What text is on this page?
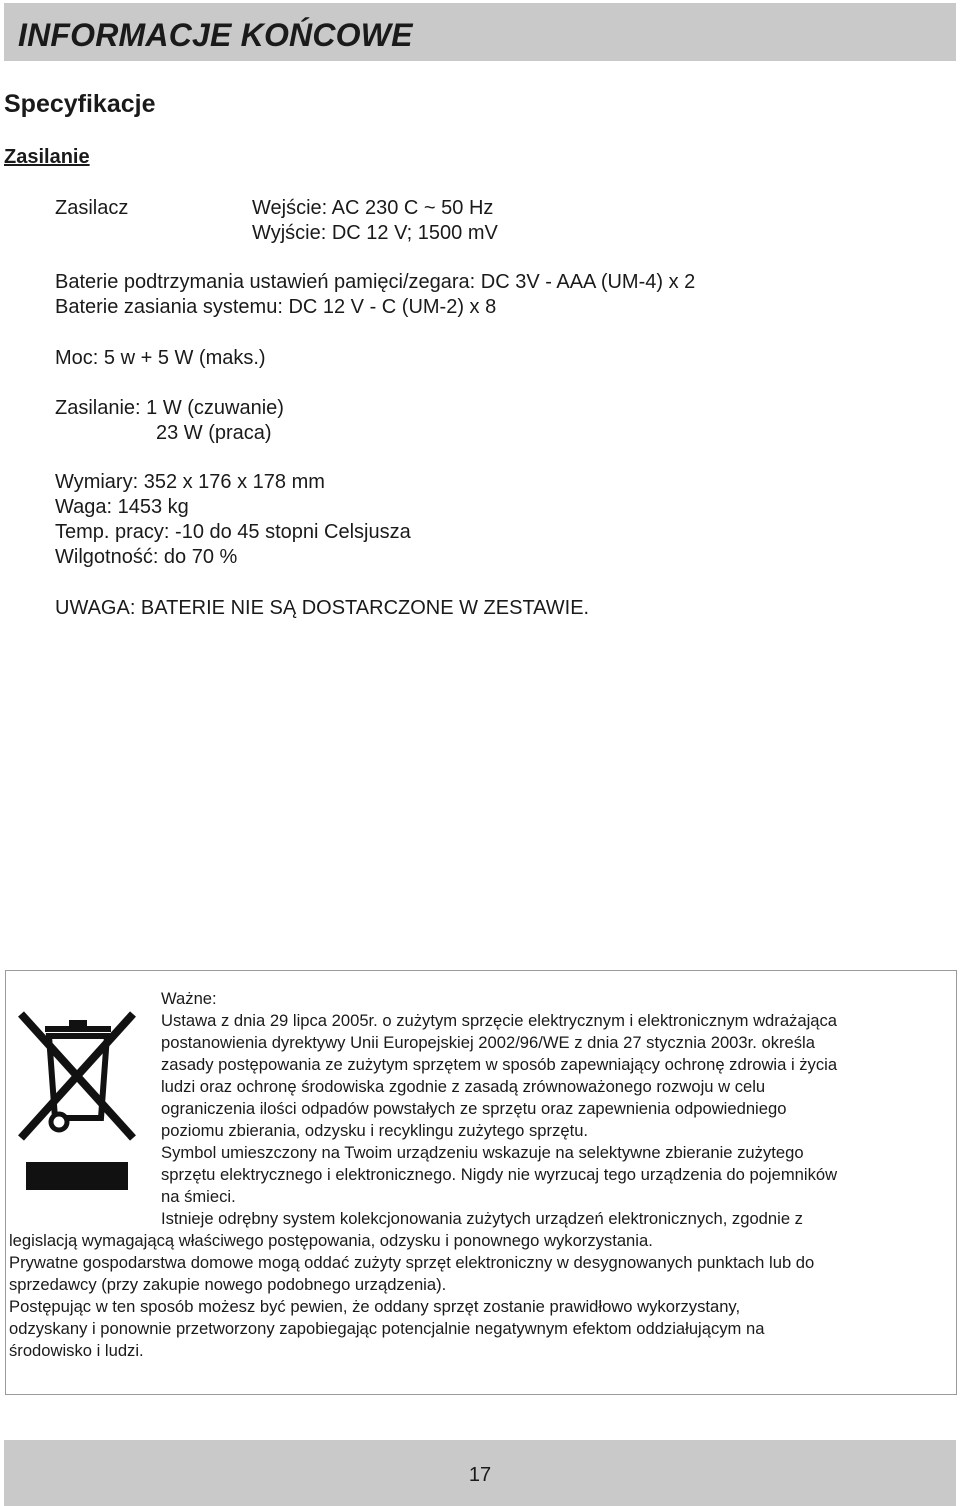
INFORMACJE KOŃCOWE
Specyfikacje
Zasilanie
Zasilacz	Wejście: AC 230 C ~ 50 Hz
Wyjście: DC 12 V; 1500 mV
Baterie podtrzymania ustawień pamięci/zegara: DC 3V - AAA (UM-4) x 2
Baterie zasiania systemu: DC 12 V - C (UM-2) x 8
Moc: 5 w + 5 W (maks.)
Zasilanie: 1 W (czuwanie)
23 W (praca)
Wymiary: 352 x 176 x 178 mm
Waga: 1453 kg
Temp. pracy: -10 do 45 stopni Celsjusza
Wilgotność: do 70 %
UWAGA: BATERIE NIE SĄ DOSTARCZONE W ZESTAWIE.
Ważne:
Ustawa z dnia 29 lipca 2005r. o zużytym sprzęcie elektrycznym i elektronicznym wdrażająca
postanowienia dyrektywy Unii Europejskiej 2002/96/WE z dnia 27 stycznia 2003r. określa
zasady postępowania ze zużytym sprzętem w sposób zapewniający ochronę zdrowia i życia
ludzi oraz ochronę środowiska zgodnie z zasadą zrównoważonego rozwoju w celu
ograniczenia ilości odpadów powstałych ze sprzętu oraz zapewnienia odpowiedniego
poziomu zbierania, odzysku i recyklingu zużytego sprzętu.
Symbol umieszczony na Twoim urządzeniu wskazuje na selektywne zbieranie zużytego
sprzętu elektrycznego i elektronicznego. Nigdy nie wyrzucaj tego urządzenia do pojemników
na śmieci.
Istnieje odrębny system kolekcjonowania zużytych urządzeń elektronicznych, zgodnie z
legislacją wymagającą właściwego postępowania, odzysku i ponownego wykorzystania.
Prywatne gospodarstwa domowe mogą oddać zużyty sprzęt elektroniczny w desygnowanych punktach lub do
sprzedawcy (przy zakupie nowego podobnego urządzenia).
Postępując w ten sposób możesz być pewien, że oddany sprzęt zostanie prawidłowo wykorzystany,
odzyskany i ponownie przetworzony zapobiegając potencjalnie negatywnym efektom oddziałującym na
środowisko i ludzi.
17
